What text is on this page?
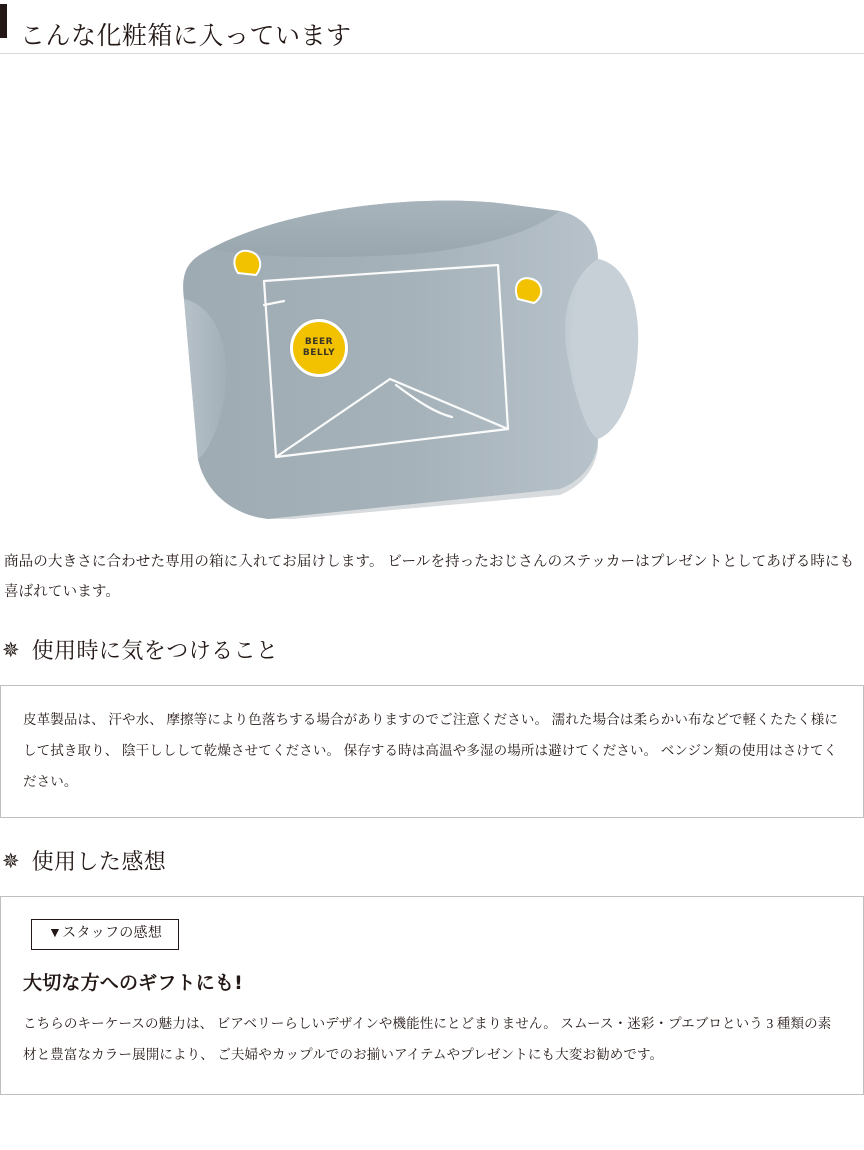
こんな化粧箱に入っています
BEER
BELLY

商品の大きさに合わせた専用の箱に入れてお届けします。 ビールを持ったおじさんのステッカーはプレゼントとしてあげる時にも喜ばれています。

✵ 使用時に気をつけること
皮革製品は、 汗や水、 摩擦等により色落ちする場合がありますのでご注意ください。 濡れた場合は柔らかい布などで軽くたたく様にして拭き取り、 陰干ししして乾燥させてください。 保存する時は高温や多湿の場所は避けてください。 ベンジン類の使用はさけてください。
✵ 使用した感想
▼スタッフの感想
大切な方へのギフトにも!
こちらのキーケースの魅力は、 ビアベリーらしいデザインや機能性にとどまりません。 スムース・迷彩・プエブロという 3 種類の素材と豊富なカラー展開により、 ご夫婦やカップルでのお揃いアイテムやプレゼントにも大変お勧めです。
